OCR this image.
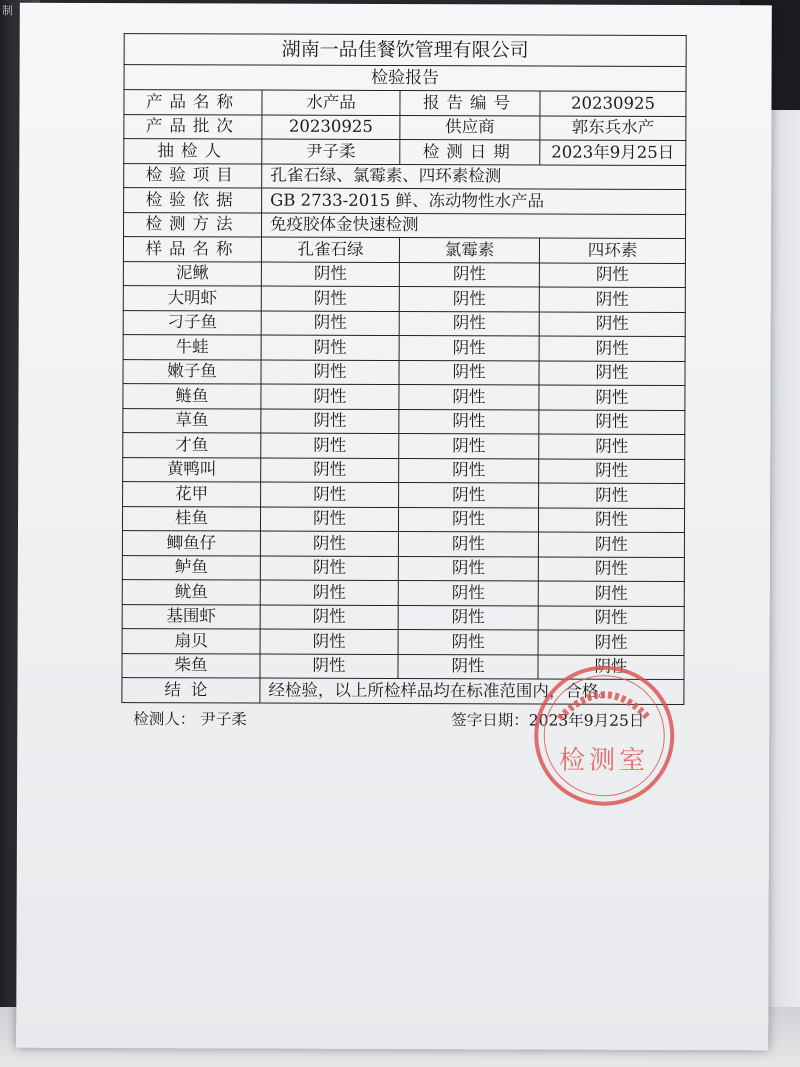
制
湖南一品佳餐饮管理有限公司			
检验报告			
产品名称	水产品	报告编号	20230925
产品批次	20230925	供应商	郭东兵水产
抽检人	尹子柔	检测日期	2023年9月25日
检验项目	孔雀石绿、氯霉素、四环素检测		
检验依据	GB 2733-2015 鲜、冻动物性水产品		
检测方法	免疫胶体金快速检测		
样品名称	孔雀石绿	氯霉素	四环素
泥鳅	阴性	阴性	阴性
大明虾	阴性	阴性	阴性
刁子鱼	阴性	阴性	阴性
牛蛙	阴性	阴性	阴性
嫩子鱼	阴性	阴性	阴性
鲢鱼	阴性	阴性	阴性
草鱼	阴性	阴性	阴性
才鱼	阴性	阴性	阴性
黄鸭叫	阴性	阴性	阴性
花甲	阴性	阴性	阴性
桂鱼	阴性	阴性	阴性
鲫鱼仔	阴性	阴性	阴性
鲈鱼	阴性	阴性	阴性
鱿鱼	阴性	阴性	阴性
基围虾	阴性	阴性	阴性
扇贝	阴性	阴性	阴性
柴鱼	阴性	阴性	阴性
结论	经检验，以上所检样品均在标准范围内，合格。		
检测人： 尹子柔	签字日期：2023年9月25日
检测室
